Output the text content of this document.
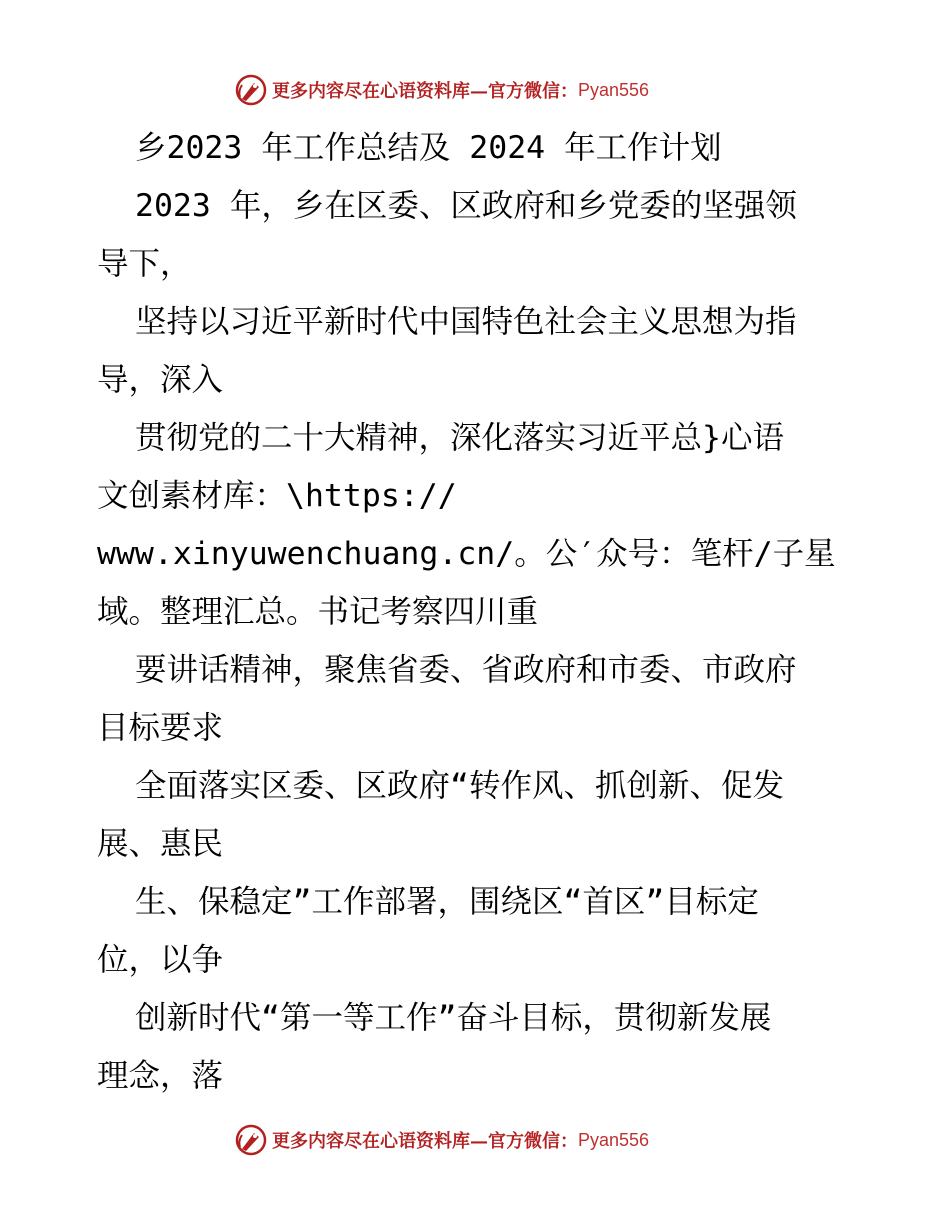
更多内容尽在心语资料库—官方微信： Pyan556
乡2023 年工作总结及 2024 年工作计划
2023 年，乡在区委、区政府和乡党委的坚强领
导下，
坚持以习近平新时代中国特色社会主义思想为指
导，深入
贯彻党的二十大精神，深化落实习近平总}心语
文创素材库：\https://
www.xinyuwenchuang.cn/。公′众号：笔杆/子星
域。整理汇总。书记考察四川重
要讲话精神，聚焦省委、省政府和市委、市政府
目标要求
全面落实区委、区政府“转作风、抓创新、促发
展、惠民
生、保稳定”工作部署，围绕区“首区”目标定
位，以争
创新时代“第一等工作”奋斗目标，贯彻新发展
理念，落
更多内容尽在心语资料库—官方微信： Pyan556
